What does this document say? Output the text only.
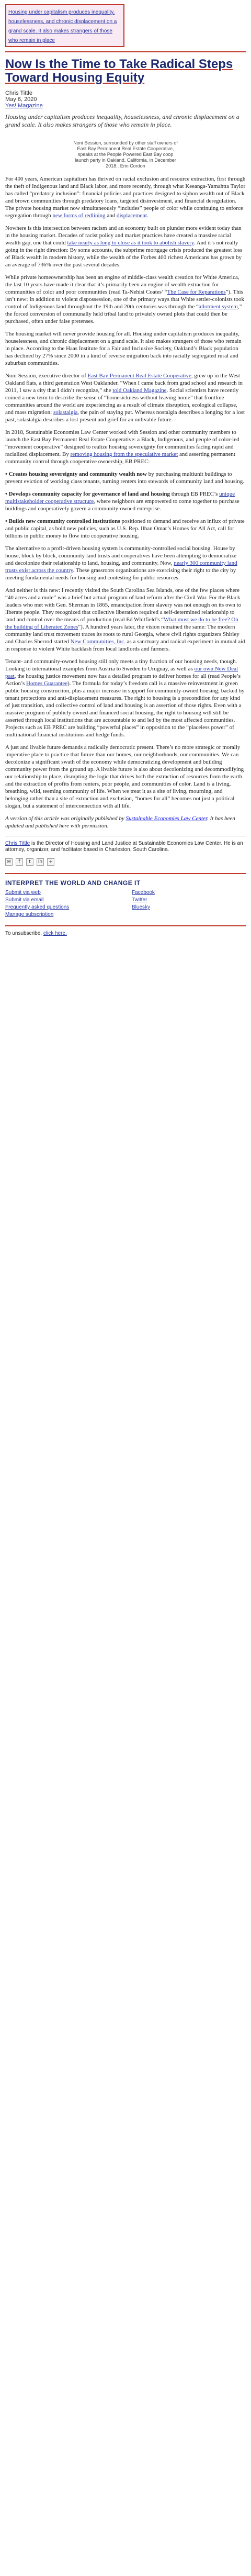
Housing under capitalism produces inequality, houselessness, and chronic displacement on a grand scale. It also makes strangers of those who remain in place
Now Is the Time to Take Radical Steps Toward Housing Equity
Chris Tittle
May 6, 2020
Yes! Magazine
Housing under capitalism produces inequality, houselessness, and chronic displacement on a grand scale. It also makes strangers of those who remain in place.
Noni Session, surrounded by other staff owners of
East Bay Permanent Real Estate Cooperative,
speaks at the People Powered East Bay coop
launch party in Oakland, California, in December
2018.. Erin Cordon

For 400 years, American capitalism has thrived on racial exclusion and resource extraction, first through the theft of Indigenous land and Black labor, and more recently, through what Keeanga-Yamahtta Taylor has called “predatory inclusion”: financial policies and practices designed to siphon wealth out of Black and brown communities through predatory loans, targeted disinvestment, and financial deregulation. The private housing market now simultaneously “includes” people of color while continuing to enforce segregation through new forms of redlining and displacement.

Nowhere is this intersection between racism and an economy built on plunder more evident today than in the housing market. Decades of racist policy and market practices have created a massive racial wealth gap, one that could take nearly as long to close as it took to abolish slavery. And it’s not really going in the right direction: By some accounts, the subprime mortgage crisis produced the greatest loss of Black wealth in modern history, while the wealth of the Forbes 400 richest Americans has grown by an average of 736% over the past several decades.

While private homeownership has been an engine of middle-class wealth creation for White America, the last 10 years have made it clear that it’s primarily been an engine of wealth extraction for communities of color and poor communities (read Ta-Nehisi Coates’ “The Case for Reparations”). This isn’t new: In addition to violent dispossession, one of the primary ways that White settler-colonists took control of Indigenous land throughout the 19th and 20th centuries was through the “allotment system,” the forced conversion of communally held tribal land to privately owned plots that could then be purchased, often under false pretenses.

The housing market will never provide housing for all. Housing under capitalism produces inequality, houselessness, and chronic displacement on a grand scale. It also makes strangers of those who remain in place. According to the Haas Institute for a Fair and Inclusive Society, Oakland’s Black population has declined by 27% since 2000 in a kind of reverse migration back into racially segregated rural and suburban communities.

Noni Session, executive director of East Bay Permanent Real Estate Cooperative, grew up in the West Oakland flats, a third generation West Oaklander. “When I came back from grad school and research in 2011, I saw a city that I didn’t recognize,” she told Oakland Magazine. Social scientists have recently coined a new term to describe the sense of “homesickness without leaving home” that frontline communities around the world are experiencing as a result of climate disruption, ecological collapse, and mass migration: solastalgia, the pain of staying put. Whereas nostalgia describes a longing for a lost past, solastalgia describes a lost present and grief for an unlivable future.

In 2018, Sustainable Economies Law Center worked with Session and other community members to launch the East Bay Permanent Real Estate Cooperative: a Black, Indigenous, and people of color-led “movement cooperative” designed to realize housing sovereignty for communities facing rapid and racialized displacement. By removing housing from the speculative market and asserting permanent community control through cooperative ownership, EB PREC:

• Creates housing sovereignty and community wealth now by purchasing multiunit buildings to prevent eviction of working class tenants, turning renters into stewards of community land and housing.

• Develops community capacity for governance of land and housing through EB PREC’s unique multistakeholder cooperative structure, where neighbors are empowered to come together to purchase buildings and cooperatively govern a community-owned enterprise.

• Builds new community controlled institutions positioned to demand and receive an influx of private and public capital, as bold new policies, such as U.S. Rep. Ilhan Omar’s Homes for All Act, call for billions in public money to flow into cooperative housing.

The alternative to a profit-driven housing system is community-controlled social housing. House by house, block by block, community land trusts and cooperatives have been attempting to democratize and decolonize their relationship to land, housing, and community. Now, nearly 300 community land trusts exist across the country. These grassroots organizations are exercising their right to the city by meeting fundamental needs for housing and contesting for public resources.

And neither is this new: I recently visited the South Carolina Sea Islands, one of the few places where “40 acres and a mule” was a brief but actual program of land reform after the Civil War. For the Black leaders who met with Gen. Sherman in 1865, emancipation from slavery was not enough on its own to liberate people. They recognized that collective liberation required a self-determined relationship to land and control over the means of production (read Ed Whitfield’s “What must we do to be free? On the building of Liberated Zones”). A hundred years later, the vision remained the same: The modern community land trust movement traces its roots to rural Georgia, where civil rights organizers Shirley and Charles Sherrod started New Communities, Inc. as a sanctuary and radical experiment in mutual aid in response to violent White backlash from local landlords and farmers.

Tenant- and community-owned housing still only meets a tiny fraction of our housing needs, though. Looking to international examples from Austria to Sweden to Uruguay, as well as our own New Deal past, the housing justice movement now has a detailed program to deliver homes for all (read People’s Action’s Homes Guarantee). The formula for today’s freedom call is a massive reinvestment in green public housing construction, plus a major increase in support for community-owned housing; backed by tenant protections and anti-displacement measures. The right to housing is a precondition for any kind of just transition, and collective control of land and housing is an assertion of those rights. Even with a massive program of publicly owned and financed social housing, the right to housing will still be asserted through local institutions that are accountable to and led by the most affected communities. Projects such as EB PREC are building “powerful places” in opposition to the “placeless power” of multinational financial institutions and hedge funds.

A just and livable future demands a radically democratic present. There’s no more strategic or morally imperative place to practice that future than our homes, our neighborhoods, our communities. We can decolonize a significant swath of the economy while democratizing development and building community power from the ground up. A livable future is also about decolonizing and decommodifying our relationship to place, disrupting the logic that drives both the extraction of resources from the earth and the extraction of profits from renters, poor people, and communities of color. Land is a living, breathing, wild, teeming community of life. When we treat it as a site of living, mourning, and belonging rather than a site of extraction and exclusion, “homes for all” becomes not just a political slogan, but a statement of interconnection with all life.

A version of this article was originally published by Sustainable Economies Law Center. It has been updated and published here with permission.

Chris Tittle is the Director of Housing and Land Justice at Sustainable Economies Law Center. He is an attorney, organizer, and facilitator based in Charleston, South Carolina.

✉	f	t	in	+
INTERPRET THE WORLD AND CHANGE IT
Submit via web	Facebook
Submit via email	Twitter
Frequently asked questions	Bluesky
Manage subscription
To unsubscribe, click here.
